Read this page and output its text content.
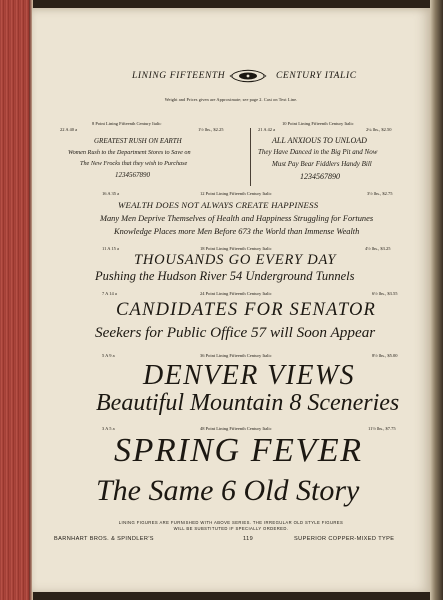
LINING FIFTEENTH	CENTURY ITALIC
Weight and Prices given are Approximate; see page 2. Cast on Text Line.
8 Point Lining Fifteenth Century Italic
22 A 40 a	1½ lbs., $2.25
GREATEST RUSH ON EARTH
Women Rush to the Department Stores to Save on
The New Frocks that they wish to Purchase
1234567890
10 Point Lining Fifteenth Century Italic
21 A 42 a	2¼ lbs., $2.50
ALL ANXIOUS TO UNLOAD
They Have Danced in the Big Pit and Now
Must Pay Bear Fiddlers Handy Bill
1234567890
16 A 35 a	12 Point Lining Fifteenth Century Italic	3½ lbs., $2.75
WEALTH DOES NOT ALWAYS CREATE HAPPINESS
Many Men Deprive Themselves of Health and Happiness Struggling for Fortunes
Knowledge Places more Men Before 673 the World than Immense Wealth
11 A 15 a	18 Point Lining Fifteenth Century Italic	4½ lbs., $3.25
THOUSANDS GO EVERY DAY
Pushing the Hudson River 54 Underground Tunnels
7 A 14 a	24 Point Lining Fifteenth Century Italic	6½ lbs., $3.55
CANDIDATES FOR SENATOR
Seekers for Public Office 57 will Soon Appear
5 A 9 a	36 Point Lining Fifteenth Century Italic	8½ lbs., $5.00
DENVER VIEWS
Beautiful Mountain 8 Sceneries
3 A 5 a	48 Point Lining Fifteenth Century Italic	11½ lbs., $7.75
SPRING FEVER
The Same 6 Old Story
LINING FIGURES ARE FURNISHED WITH ABOVE SERIES. THE IRREGULAR OLD STYLE FIGURES
WILL BE SUBSTITUTED IF SPECIALLY ORDERED.
BARNHART BROS. & SPINDLER'S	119	SUPERIOR COPPER-MIXED TYPE
